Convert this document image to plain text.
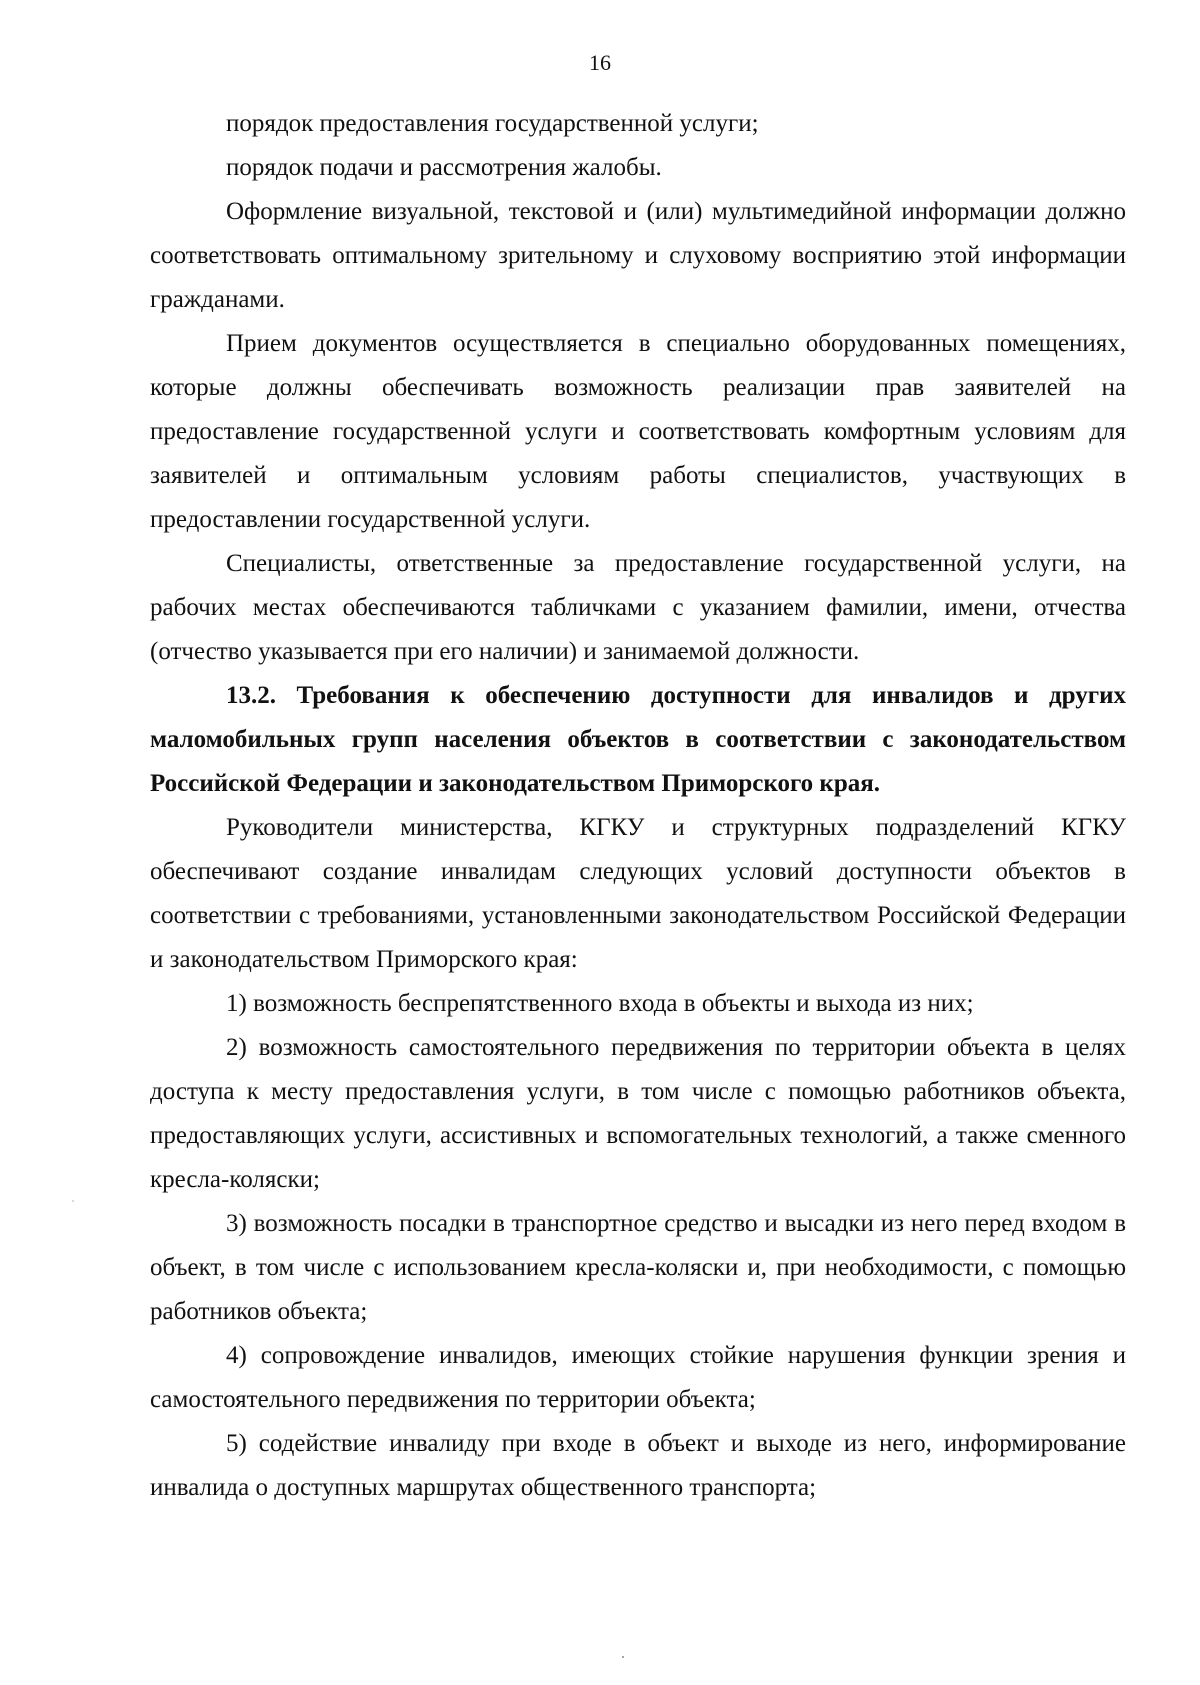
16

порядок предоставления государственной услуги;

порядок подачи и рассмотрения жалобы.

Оформление визуальной, текстовой и (или) мультимедийной информации должно соответствовать оптимальному зрительному и слуховому восприятию этой информации гражданами.

Прием документов осуществляется в специально оборудованных помещениях, которые должны обеспечивать возможность реализации прав заявителей на предоставление государственной услуги и соответствовать комфортным условиям для заявителей и оптимальным условиям работы специалистов, участвующих в предоставлении государственной услуги.

Специалисты, ответственные за предоставление государственной услуги, на рабочих местах обеспечиваются табличками с указанием фамилии, имени, отчества (отчество указывается при его наличии) и занимаемой должности.

13.2. Требования к обеспечению доступности для инвалидов и других маломобильных групп населения объектов в соответствии с законодательством Российской Федерации и законодательством Приморского края.

Руководители министерства, КГКУ и структурных подразделений КГКУ обеспечивают создание инвалидам следующих условий доступности объектов в соответствии с требованиями, установленными законодательством Российской Федерации и законодательством Приморского края:

1) возможность беспрепятственного входа в объекты и выхода из них;

2) возможность самостоятельного передвижения по территории объекта в целях доступа к месту предоставления услуги, в том числе с помощью работников объекта, предоставляющих услуги, ассистивных и вспомогательных технологий, а также сменного кресла-коляски;

3) возможность посадки в транспортное средство и высадки из него перед входом в объект, в том числе с использованием кресла-коляски и, при необходимости, с помощью работников объекта;

4) сопровождение инвалидов, имеющих стойкие нарушения функции зрения и самостоятельного передвижения по территории объекта;

5) содействие инвалиду при входе в объект и выходе из него, информирование инвалида о доступных маршрутах общественного транспорта;
